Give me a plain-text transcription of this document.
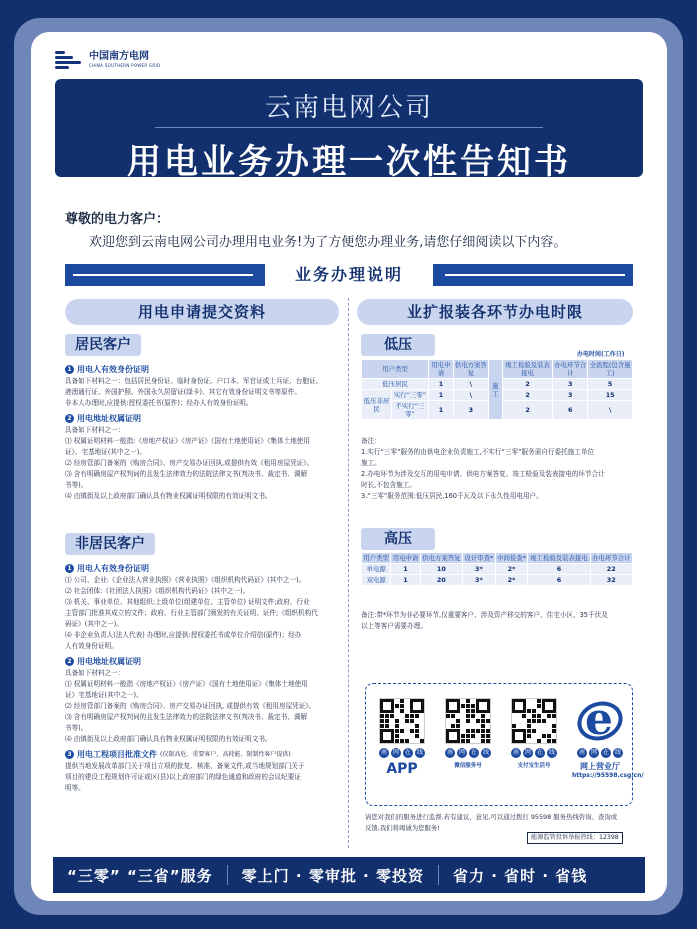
中国南方电网
CHINA SOUTHERN POWER GRID
云南电网公司
用电业务办理一次性告知书
尊敬的电力客户：
欢迎您到云南电网公司办理用电业务!为了方便您办理业务,请您仔细阅读以下内容。
业务办理说明
用电申请提交资料
居民客户
1 用电人有效身份证明
具备如下材料之一：包括居民身份证、临时身份证、户口本、军官证或士兵证、台胞证、
港澳通行证、外国护照、外国永久居留证(绿卡)、其它有效身份证明文书等原件。
非本人办理时,应提供:授权委托书(原件)；经办人有效身份证明。
2 用电地址权属证明
具备如下材料之一：
⑴ 权属证明材料一般指:《房地产权证》《房产证》《国有土地使用证》《集体土地使用
证》、宅基地证(其中之一)。
⑵ 经房管部门备案的《购房合同》、房产交易办证回执,或提供有效《租用房屋凭证》。
⑶ 含有明确房屋产权判词的且发生法律效力的法院法律文书(判决书、裁定书、调解
书等)。
⑷ 由镇街及以上政府部门确认具有物业权属证明权限的有效证明文书。
非居民客户
1 用电人有效身份证明
⑴ 公司、企业:《企业法人营业执照》《营业执照》《组织机构代码证》(其中之一)。
⑵ 社会团体:《社团法人执照》《组织机构代码证》(其中之一)。
⑶ 机关、事业单位、其他组织:上级单位(组建单位、主管单位) 证明文件;政府、行业
主管部门批准其成立的文件；政府、行业主管部门颁发的有关证明、证件;《组织机构代
码证》(其中之一)。
⑷ 非企业负责人(法人代表) 办理时,应提供:授权委托书或单位介绍信(原件)；经办
人有效身份证明。
2 用电地址权属证明
具备如下材料之一：
⑴ 权属证明材料一般指《房地产权证》《房产证》《国有土地使用证》《集体土地使用
证》宅基地证(其中之一)。
⑵ 经房管部门备案的《购房合同》、房产交易办证回执, 或提供有效《租用房屋凭证》。
⑶ 含有明确房屋产权判词的且发生法律效力的法院法律文书(判决书、裁定书、调解
书等)。
⑷ 由镇街及以上政府部门确认具有物业权属证明权限的有效证明文书。
3 用电工程项目批准文件 (仅限高危、重要客户、高耗能、限制性客户提供)
提供当地发展改革部门关于项目立项的批复、核准、备案文件,或当地规划部门关于
项目的建设工程规划许可证或区(县)以上政府部门的绿色通道和政府的会议纪要证
明等。
业扩报装各环节办电时限
低压
办电时间(工作日)
用户类型		用电申请	供电方案答复	施工	竣工检验及装表接电	办电环节合计	全流程(包含施工)
低压居民		1	\		2	3	5
低压非居民	实行“三零”	1	\		2	3	15
	不实行“三零”	1	3		2	6	\
备注：
1.实行“三零”服务的由供电企业负责施工,不实行“三零”服务需自行委托施工单位
施工。
2.办电环节为涉及交互的用电申请、供电方案答复、竣工检验及装表接电的环节合计
时长,不包含施工。
3.“三零”服务范围:低压居民,160千瓦及以下永久性用电用户。
高压
用户类型	用电申请	供电方案答复	设计审查*	中间检查*	竣工检验及装表接电	办电环节合计
单电源	1	10	3*	2*	6	22
双电源	1	20	3*	2*	6	32
备注:带*环节为非必要环节,仅重要客户、涉及资产移交的客户、住宅小区、35千伏及
以上等客户需要办理。
南 网 在 线
APP
南 网 在 线
微信服务号
南 网 在 线
支付宝生活号
e
南 网 在 线
网上营业厅
https://95598.csg.cn/
请您对我们的服务进行监督,若有建议、意见,可以通过拨打 95598 服务热线咨询、查询或
反馈,我们将竭诚为您服务!
能源监管投诉举报热线：12398
“三零” “三省”服务	零上门 · 零审批 · 零投资	省力 · 省时 · 省钱
